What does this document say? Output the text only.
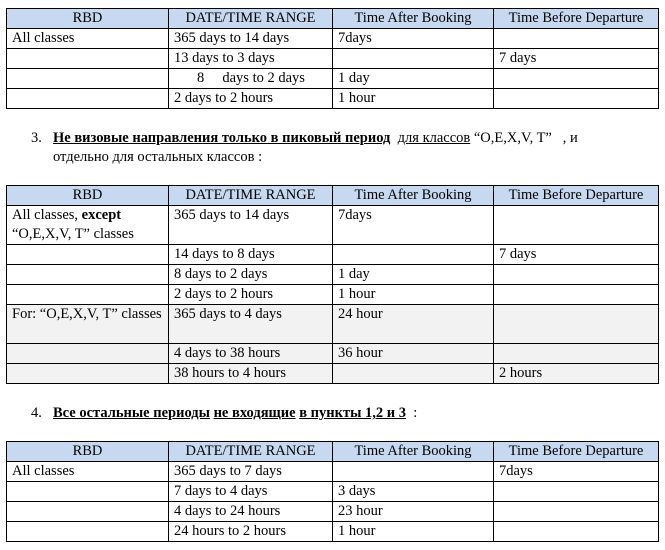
RBD	DATE/TIME RANGE	Time After Booking	Time Before Departure
All classes	365 days to 14 days	7days	
	13 days to 3 days		7 days
	8     days to 2 days	1 day	
	2 days to 2 hours	1 hour	
3. Не визовые направления только в пиковый период для классов “O,E,X,V, T” , и
отдельно для остальных классов :
RBD	DATE/TIME RANGE	Time After Booking	Time Before Departure
All classes, except
“O,E,X,V, T” classes	365 days to 14 days	7days	
	14 days to 8 days		7 days
	8 days to 2 days	1 day	
	2 days to 2 hours	1 hour	
For: “O,E,X,V, T” classes	365 days to 4 days	24 hour	
	4 days to 38 hours	36 hour	
	38 hours to 4 hours		2 hours
4. Все остальные периоды не входящие в пункты 1,2 и 3 :
RBD	DATE/TIME RANGE	Time After Booking	Time Before Departure
All classes	365 days to 7 days		7days
	7 days to 4 days	3 days	
	4 days to 24 hours	23 hour	
	24 hours to 2 hours	1 hour	
